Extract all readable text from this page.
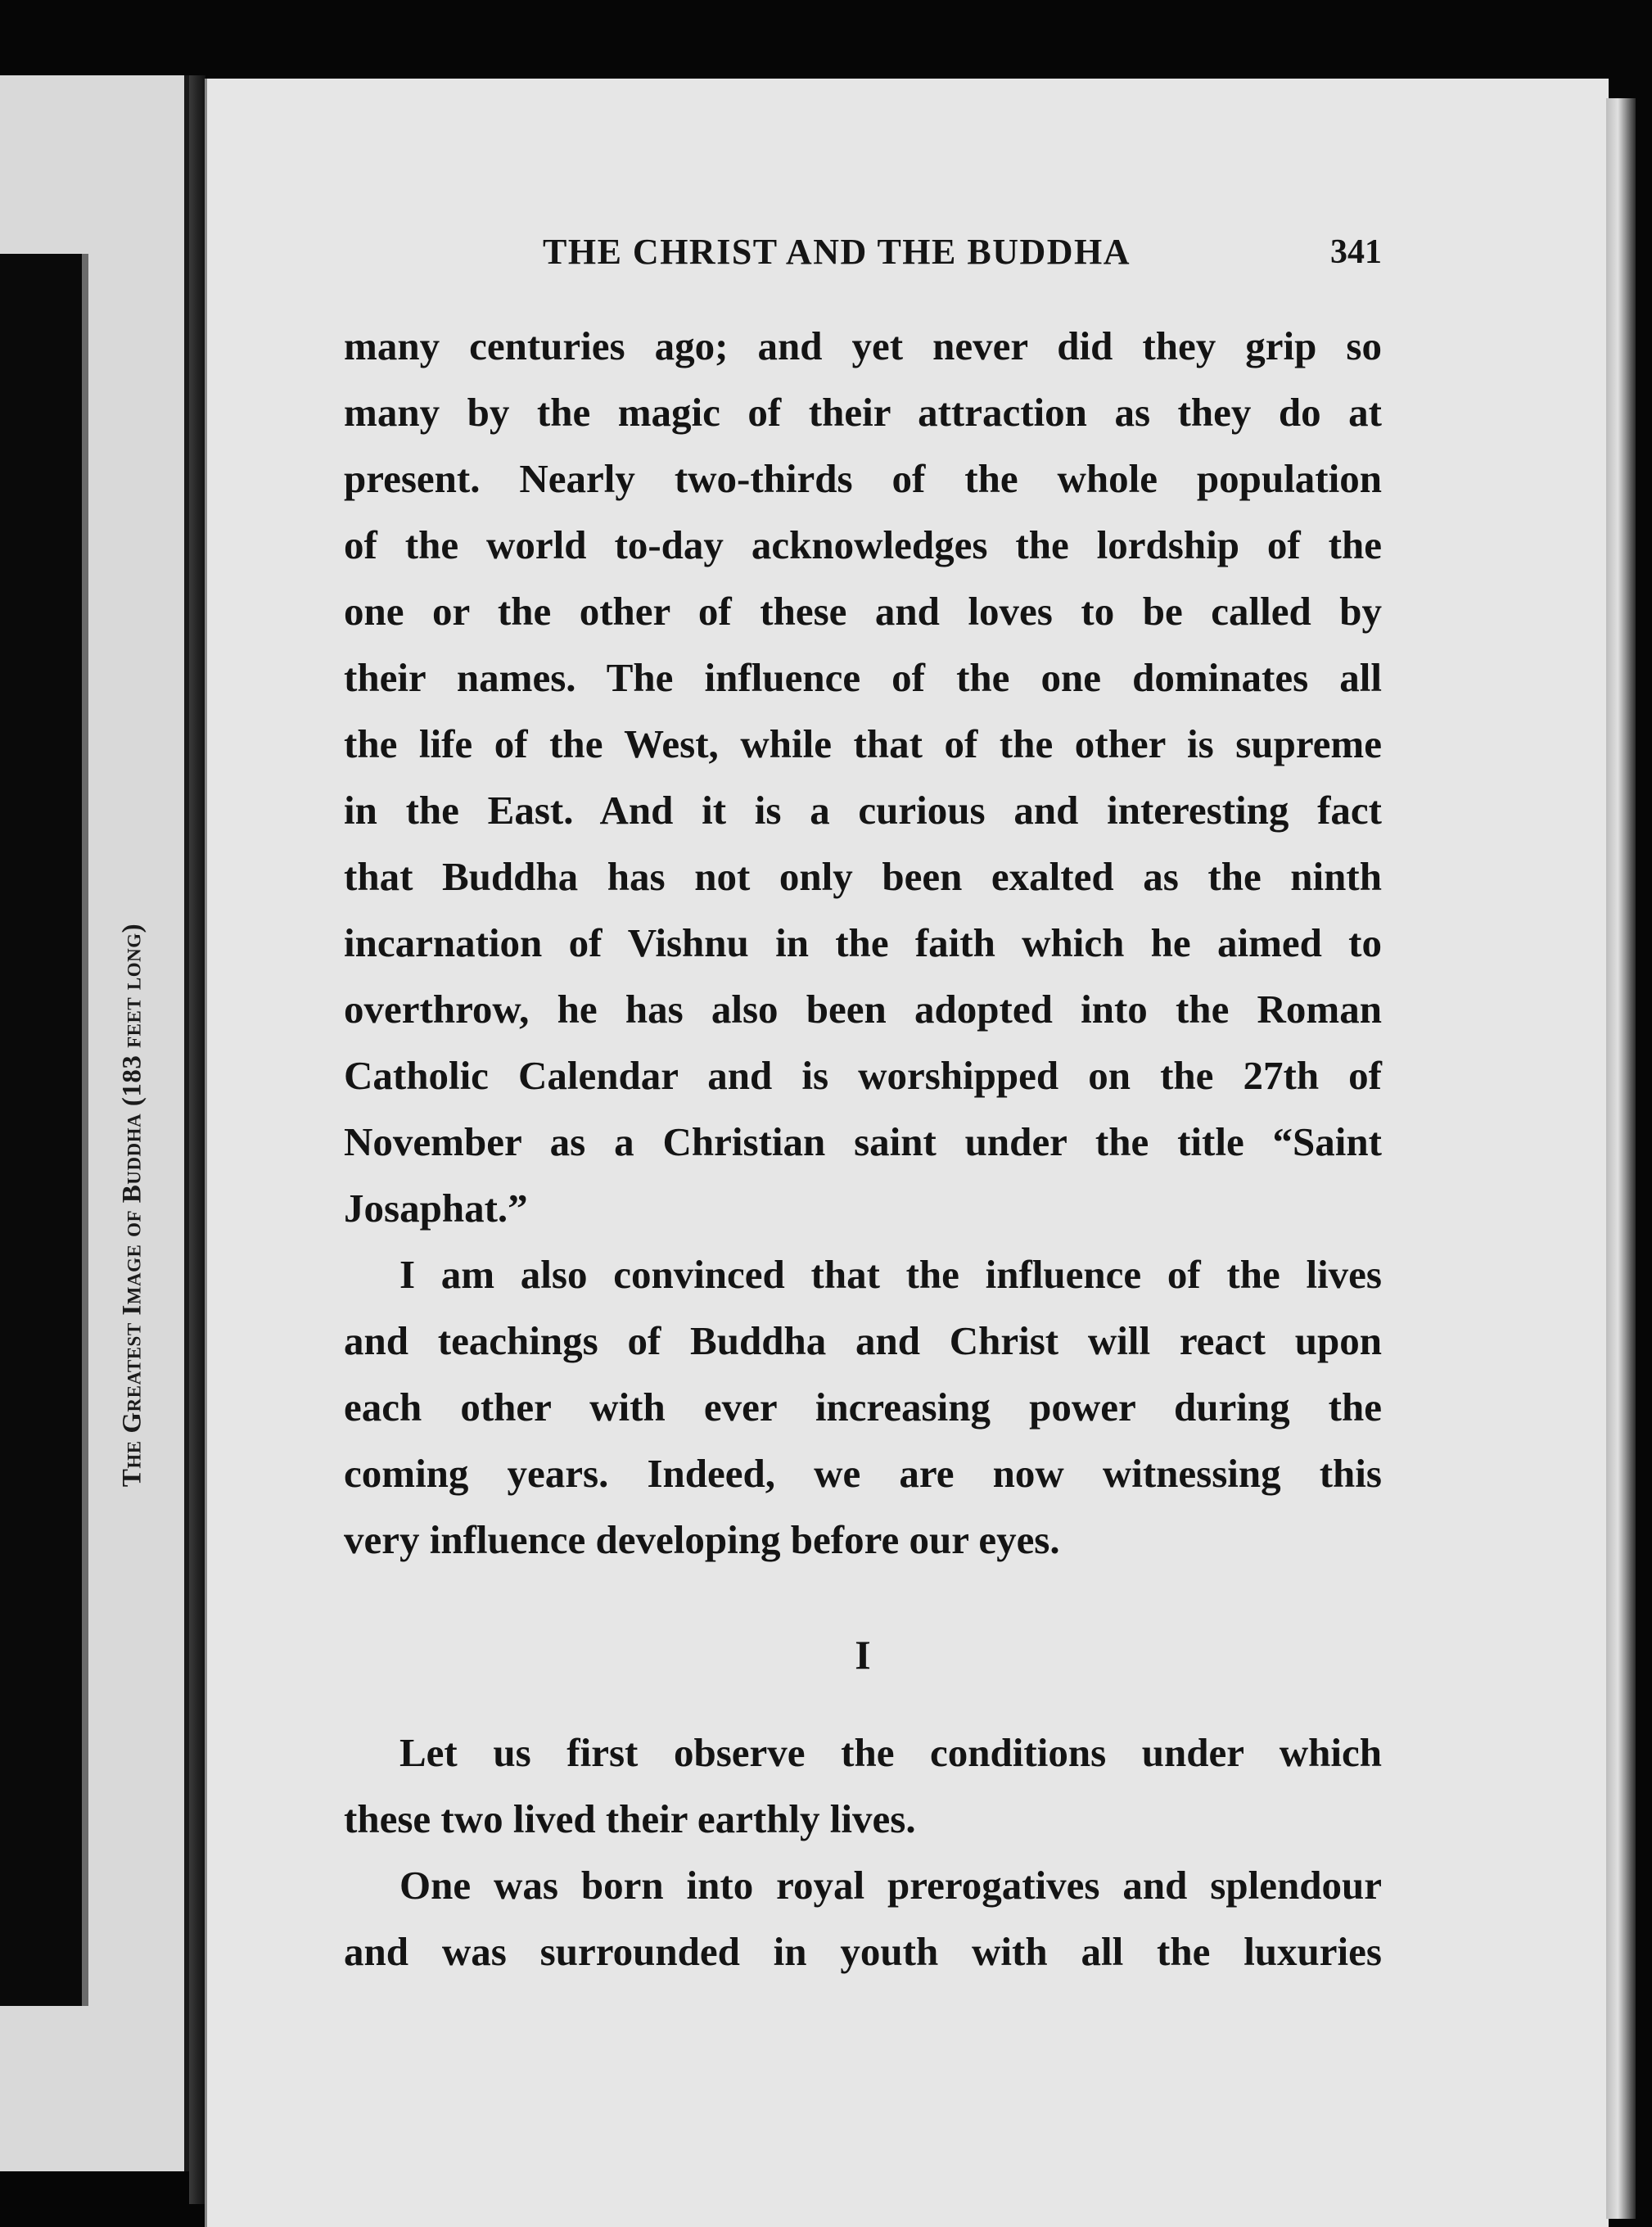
The Greatest Image of Buddha (183 feet long)
THE CHRIST AND THE BUDDHA	341
many centuries ago; and yet never did they grip so
many by the magic of their attraction as they do at
present. Nearly two-thirds of the whole population
of the world to-day acknowledges the lordship of the
one or the other of these and loves to be called by
their names. The influence of the one dominates all
the life of the West, while that of the other is supreme
in the East. And it is a curious and interesting fact
that Buddha has not only been exalted as the ninth
incarnation of Vishnu in the faith which he aimed to
overthrow, he has also been adopted into the Roman
Catholic Calendar and is worshipped on the 27th of
November as a Christian saint under the title “Saint
Josaphat.”
I am also convinced that the influence of the lives
and teachings of Buddha and Christ will react upon
each other with ever increasing power during the
coming years. Indeed, we are now witnessing this
very influence developing before our eyes.
I
Let us first observe the conditions under which
these two lived their earthly lives.
One was born into royal prerogatives and splendour
and was surrounded in youth with all the luxuries
